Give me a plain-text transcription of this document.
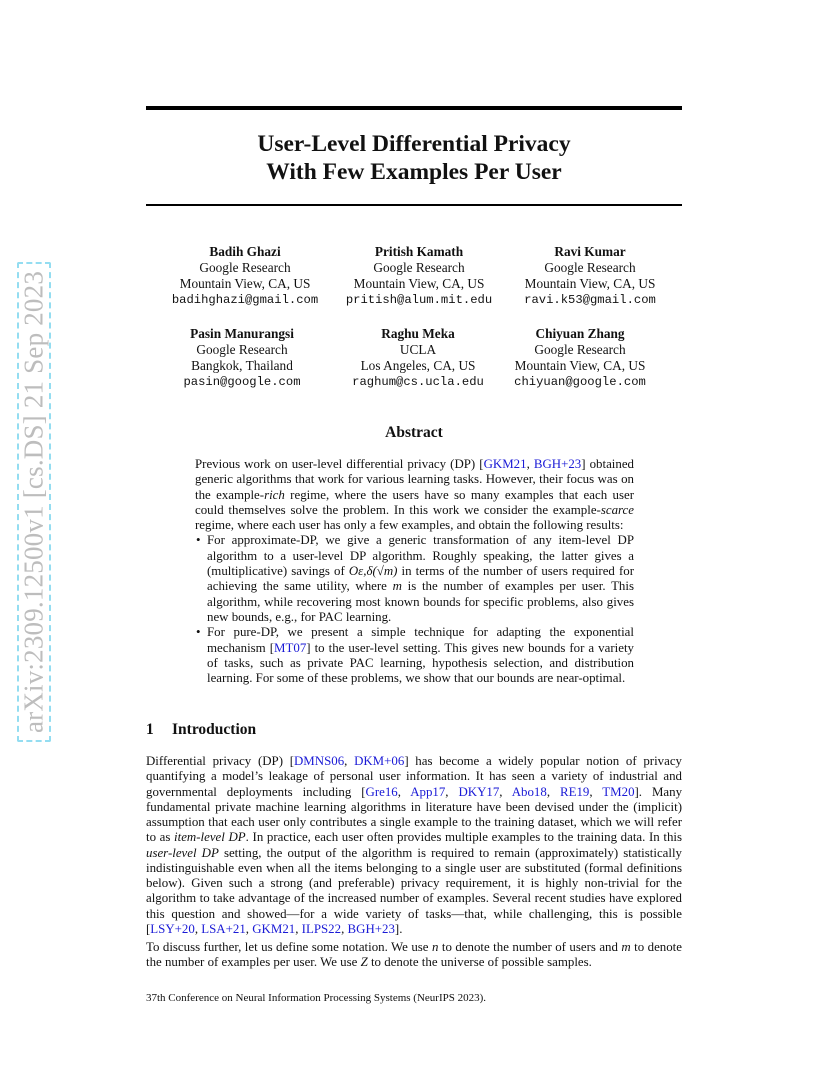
arXiv:2309.12500v1 [cs.DS] 21 Sep 2023
User-Level Differential Privacy
With Few Examples Per User
Badih Ghazi
Google Research
Mountain View, CA, US
badihghazi@gmail.com
Pritish Kamath
Google Research
Mountain View, CA, US
pritish@alum.mit.edu
Ravi Kumar
Google Research
Mountain View, CA, US
ravi.k53@gmail.com
Pasin Manurangsi
Google Research
Bangkok, Thailand
pasin@google.com
Raghu Meka
UCLA
Los Angeles, CA, US
raghum@cs.ucla.edu
Chiyuan Zhang
Google Research
Mountain View, CA, US
chiyuan@google.com
Abstract

Previous work on user-level differential privacy (DP) [GKM21, BGH+23] obtained generic algorithms that work for various learning tasks. However, their focus was on the example-rich regime, where the users have so many examples that each user could themselves solve the problem. In this work we consider the example-scarce regime, where each user has only a few examples, and obtain the following results:

• For approximate-DP, we give a generic transformation of any item-level DP algorithm to a user-level DP algorithm. Roughly speaking, the latter gives a (multiplicative) savings of Oε,δ(√m) in terms of the number of users required for achieving the same utility, where m is the number of examples per user. This algorithm, while recovering most known bounds for specific problems, also gives new bounds, e.g., for PAC learning.
• For pure-DP, we present a simple technique for adapting the exponential mechanism [MT07] to the user-level setting. This gives new bounds for a variety of tasks, such as private PAC learning, hypothesis selection, and distribution learning. For some of these problems, we show that our bounds are near-optimal.
1 Introduction

Differential privacy (DP) [DMNS06, DKM+06] has become a widely popular notion of privacy quantifying a model’s leakage of personal user information. It has seen a variety of industrial and governmental deployments including [Gre16, App17, DKY17, Abo18, RE19, TM20]. Many fundamental private machine learning algorithms in literature have been devised under the (implicit) assumption that each user only contributes a single example to the training dataset, which we will refer to as item-level DP. In practice, each user often provides multiple examples to the training data. In this user-level DP setting, the output of the algorithm is required to remain (approximately) statistically indistinguishable even when all the items belonging to a single user are substituted (formal definitions below). Given such a strong (and preferable) privacy requirement, it is highly non-trivial for the algorithm to take advantage of the increased number of examples. Several recent studies have explored this question and showed—for a wide variety of tasks—that, while challenging, this is possible [LSY+20, LSA+21, GKM21, ILPS22, BGH+23].

To discuss further, let us define some notation. We use n to denote the number of users and m to denote the number of examples per user. We use Z to denote the universe of possible samples.

37th Conference on Neural Information Processing Systems (NeurIPS 2023).
